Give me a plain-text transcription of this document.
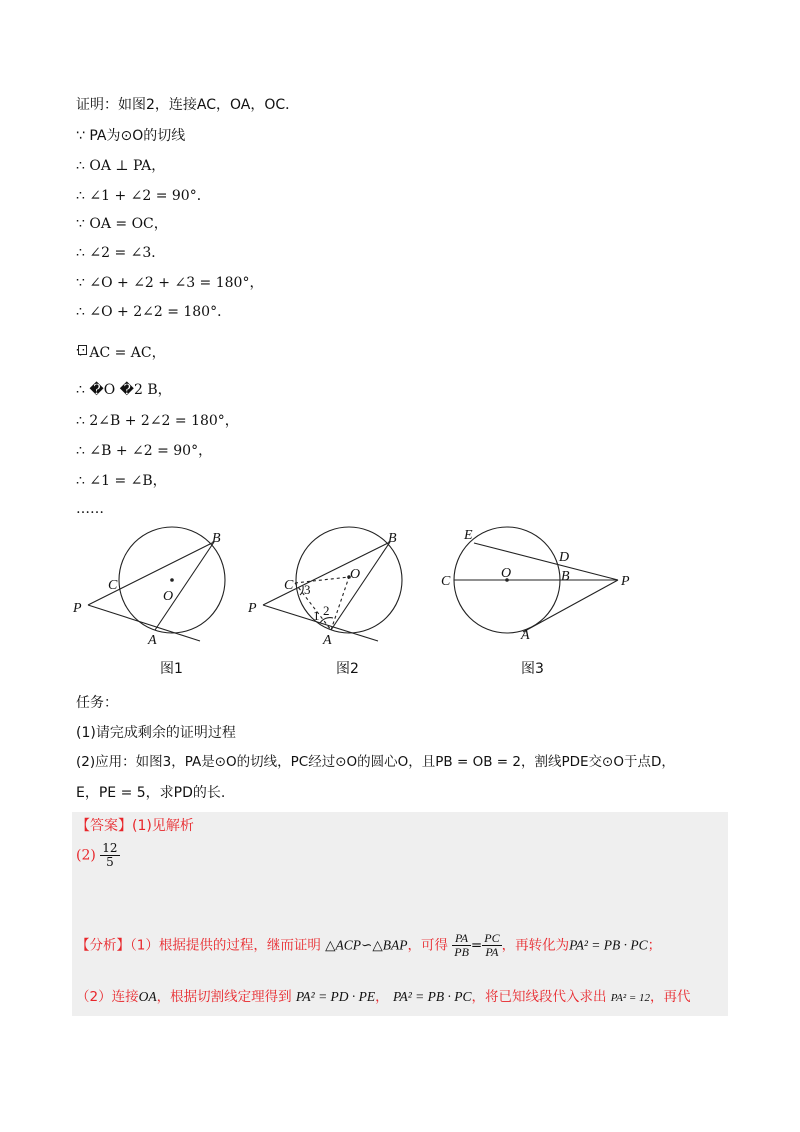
证明：如图2，连接AC，OA，OC．
∵ PA为⊙O的切线
∴ OA ⊥ PA，
∴ ∠1 + ∠2 = 90°．
∵ OA = OC，
∴ ∠2 = ∠3．
∵ ∠O + ∠2 + ∠3 = 180°，
∴ ∠O + 2∠2 = 180°．
∵ AC = AC，
∴ �O �2 B，
∴ 2∠B + 2∠2 = 180°，
∴ ∠B + ∠2 = 90°，
∴ ∠1 = ∠B，
……
B
C
O
P
A
B
C
O
P
A
E
D
C
O	B	P
A
1 2
3
图1	图2	图3
任务：
(1)请完成剩余的证明过程
(2)应用：如图3，PA是⊙O的切线，PC经过⊙O的圆心O，且PB = OB = 2，割线PDE交⊙O于点D，
E，PE = 5，求PD的长.
【答案】(1)见解析
$(2) \frac{12}{5}$
【分析】（1）根据提供的过程，继而证明 △ACP∽△BAP，可得 $\frac{PA}{PB} = \frac{PC}{PA}$ ，再转化为PA² = PB · PC；
（2）连接OA，根据切割线定理得到 PA² = PD · PE， PA² = PB · PC，将已知线段代入求出 PA² = 12，再代
